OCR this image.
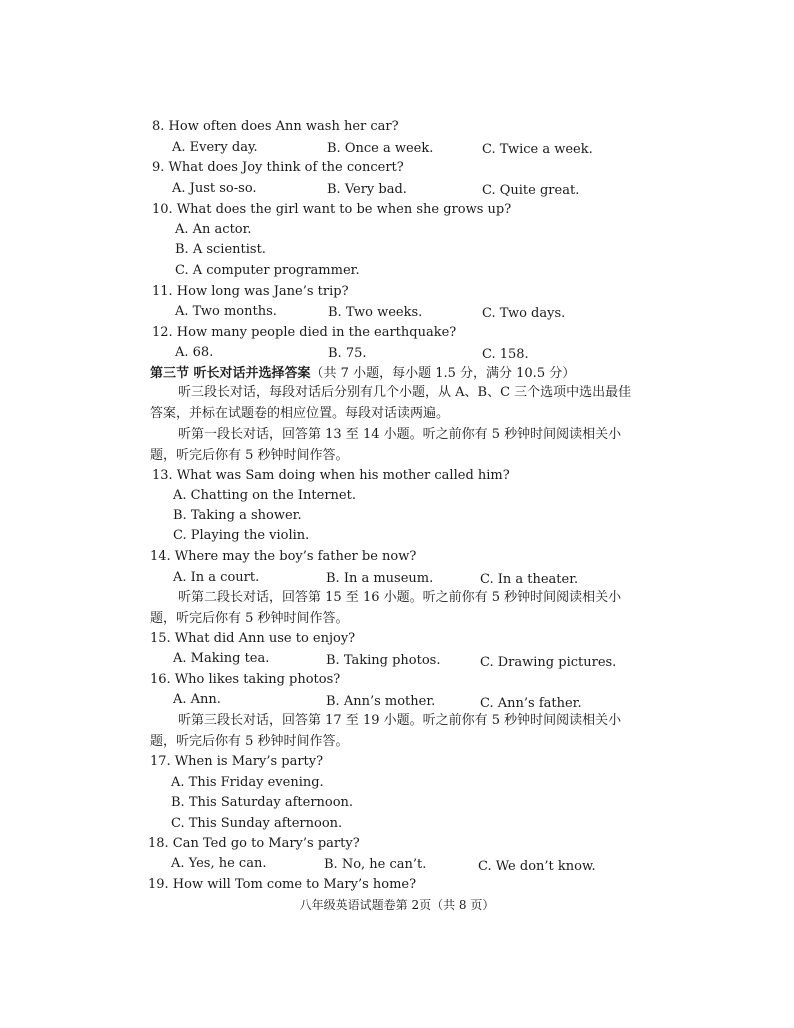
8. How often does Ann wash her car?
A. Every day.	B. Once a week.	C. Twice a week.
9. What does Joy think of the concert?
A. Just so-so.	B. Very bad.	C. Quite great.
10. What does the girl want to be when she grows up?
A. An actor.
B. A scientist.
C. A computer programmer.
11. How long was Jane’s trip?
A. Two months.	B. Two weeks.	C. Two days.
12. How many people died in the earthquake?
A. 68.	B. 75.	C. 158.
第三节 听长对话并选择答案（共 7 小题，每小题 1.5 分，满分 10.5 分）
听三段长对话，每段对话后分别有几个小题，从 A、B、C 三个选项中选出最佳答案，并标在试题卷的相应位置。每段对话读两遍。
听第一段长对话，回答第 13 至 14 小题。听之前你有 5 秒钟时间阅读相关小题，听完后你有 5 秒钟时间作答。
13. What was Sam doing when his mother called him?
A. Chatting on the Internet.
B. Taking a shower.
C. Playing the violin.
14. Where may the boy’s father be now?
A. In a court.	B. In a museum.	C. In a theater.
听第二段长对话，回答第 15 至 16 小题。听之前你有 5 秒钟时间阅读相关小题，听完后你有 5 秒钟时间作答。
15. What did Ann use to enjoy?
A. Making tea.	B. Taking photos.	C. Drawing pictures.
16. Who likes taking photos?
A. Ann.	B. Ann’s mother.	C. Ann’s father.
听第三段长对话，回答第 17 至 19 小题。听之前你有 5 秒钟时间阅读相关小题，听完后你有 5 秒钟时间作答。
17. When is Mary’s party?
A. This Friday evening.
B. This Saturday afternoon.
C. This Sunday afternoon.
18. Can Ted go to Mary’s party?
A. Yes, he can.	B. No, he can’t.	C. We don’t know.
19. How will Tom come to Mary’s home?
八年级英语试题卷第 2页（共 8 页）
